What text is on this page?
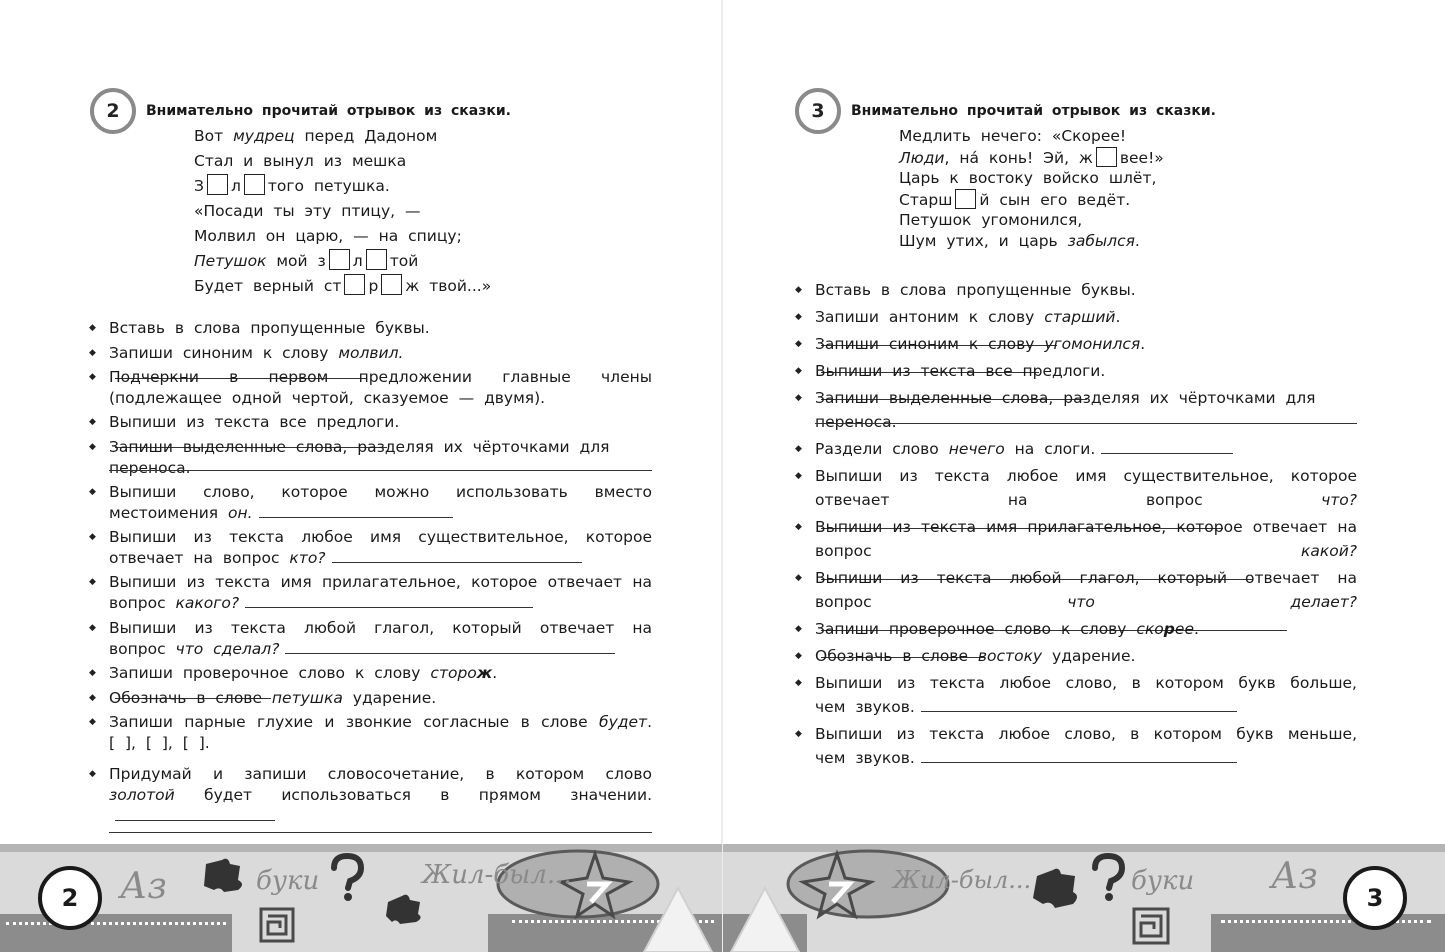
2	Внимательно прочитай отрывок из сказки.
Вот мудрец перед Дадоном
Стал и вынул из мешка
З л того петушка.
«Посади ты эту птицу, —
Молвил он царю, — на спицу;
Петушок мой з л той
Будет верный ст р ж твой...»
◆ Вставь в слова пропущенные буквы.
◆ Запиши синоним к слову молвил.
◆ Подчеркни в первом предложении главные члены (подлежащее одной чертой, сказуемое — двумя).
◆ Выпиши из текста все предлоги.
◆ Запиши выделенные слова, разделяя их чёрточками для переноса.
◆ Выпиши слово, которое можно использовать вместо местоимения он.
◆ Выпиши из текста любое имя существительное, которое отвечает на вопрос кто?
◆ Выпиши из текста имя прилагательное, которое отвечает на вопрос какого?
◆ Выпиши из текста любой глагол, который отвечает на вопрос что сделал?
◆ Запиши проверочное слово к слову сторож.
◆ Обозначь в слове петушка ударение.
◆ Запиши парные глухие и звонкие согласные в слове будет. [ ], [ ], [ ].
◆ Придумай и запиши словосочетание, в котором слово золотой будет использоваться в прямом значении.
Аз	буки	Жил-был...
2
3	Внимательно прочитай отрывок из сказки.
Медлить нечего: «Скорее!
Люди, на́ конь! Эй, ж вее!»
Царь к востоку войско шлёт,
Старш й сын его ведёт.
Петушок угомонился,
Шум утих, и царь забылся.
◆ Вставь в слова пропущенные буквы.
◆ Запиши антоним к слову старший.
◆ Запиши синоним к слову угомонился.
◆ Выпиши из текста все предлоги.
◆ Запиши выделенные слова, разделяя их чёрточками для переноса.
◆ Раздели слово нечего на слоги.
◆ Выпиши из текста любое имя существительное, которое отвечает на вопрос что?
◆ Выпиши из текста имя прилагательное, которое отвечает на вопрос какой?
◆ Выпиши из текста любой глагол, который отвечает на вопрос что делает?
◆ Запиши проверочное слово к слову скорее.
◆ Обозначь в слове востоку ударение.
◆ Выпиши из текста любое слово, в котором букв больше, чем звуков.
◆ Выпиши из текста любое слово, в котором букв меньше, чем звуков.
Жил-был...	буки Аз
3
